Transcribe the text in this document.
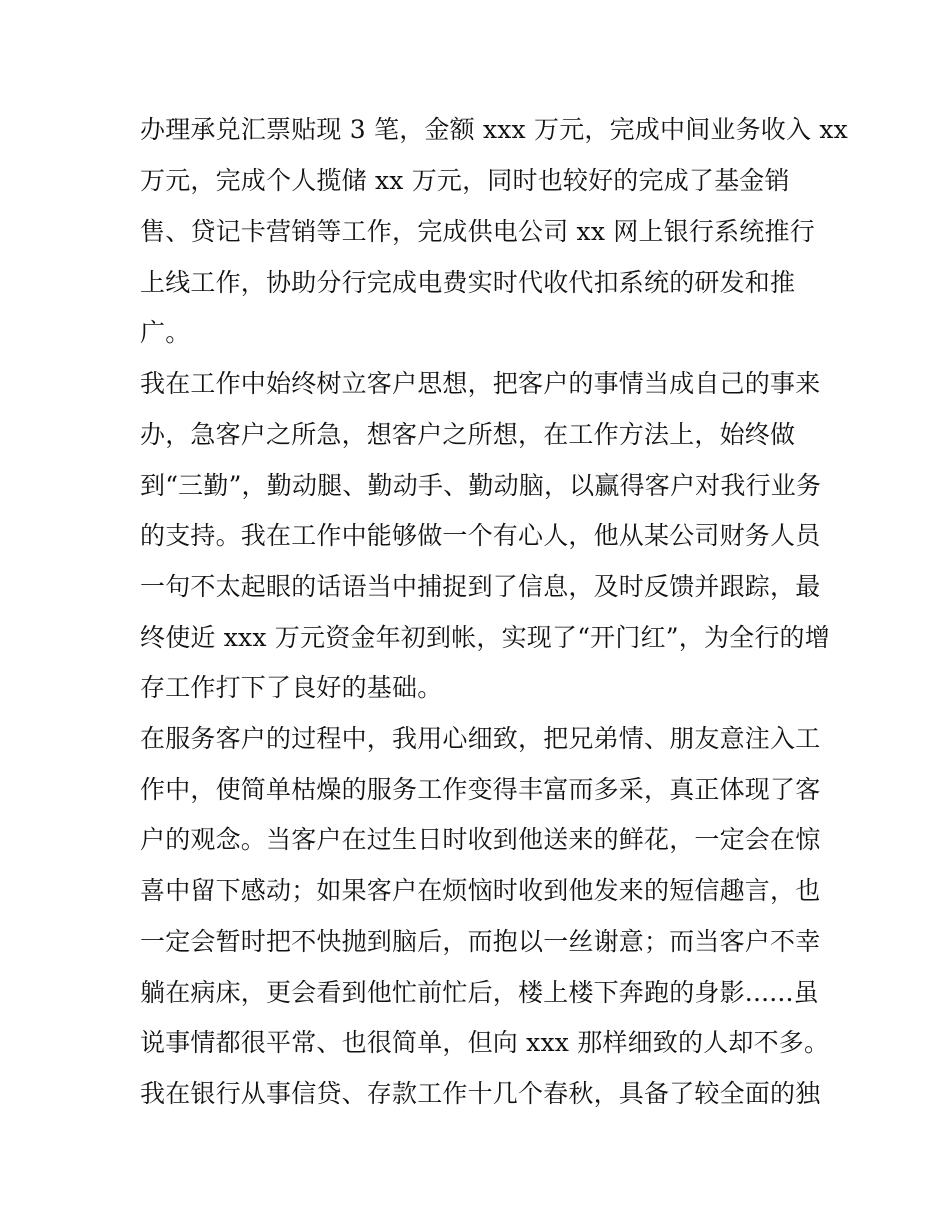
办理承兑汇票贴现 3 笔，金额 xxx 万元，完成中间业务收入 xx
万元，完成个人揽储 xx 万元，同时也较好的完成了基金销
售、贷记卡营销等工作，完成供电公司 xx 网上银行系统推行
上线工作，协助分行完成电费实时代收代扣系统的研发和推
广。
我在工作中始终树立客户思想，把客户的事情当成自己的事来
办，急客户之所急，想客户之所想，在工作方法上，始终做
到“三勤”，勤动腿、勤动手、勤动脑，以赢得客户对我行业务
的支持。我在工作中能够做一个有心人，他从某公司财务人员
一句不太起眼的话语当中捕捉到了信息，及时反馈并跟踪，最
终使近 xxx 万元资金年初到帐，实现了“开门红”，为全行的增
存工作打下了良好的基础。
在服务客户的过程中，我用心细致，把兄弟情、朋友意注入工
作中，使简单枯燥的服务工作变得丰富而多采，真正体现了客
户的观念。当客户在过生日时收到他送来的鲜花，一定会在惊
喜中留下感动；如果客户在烦恼时收到他发来的短信趣言，也
一定会暂时把不快抛到脑后，而抱以一丝谢意；而当客户不幸
躺在病床，更会看到他忙前忙后，楼上楼下奔跑的身影......虽
说事情都很平常、也很简单，但向 xxx 那样细致的人却不多。
我在银行从事信贷、存款工作十几个春秋，具备了较全面的独
